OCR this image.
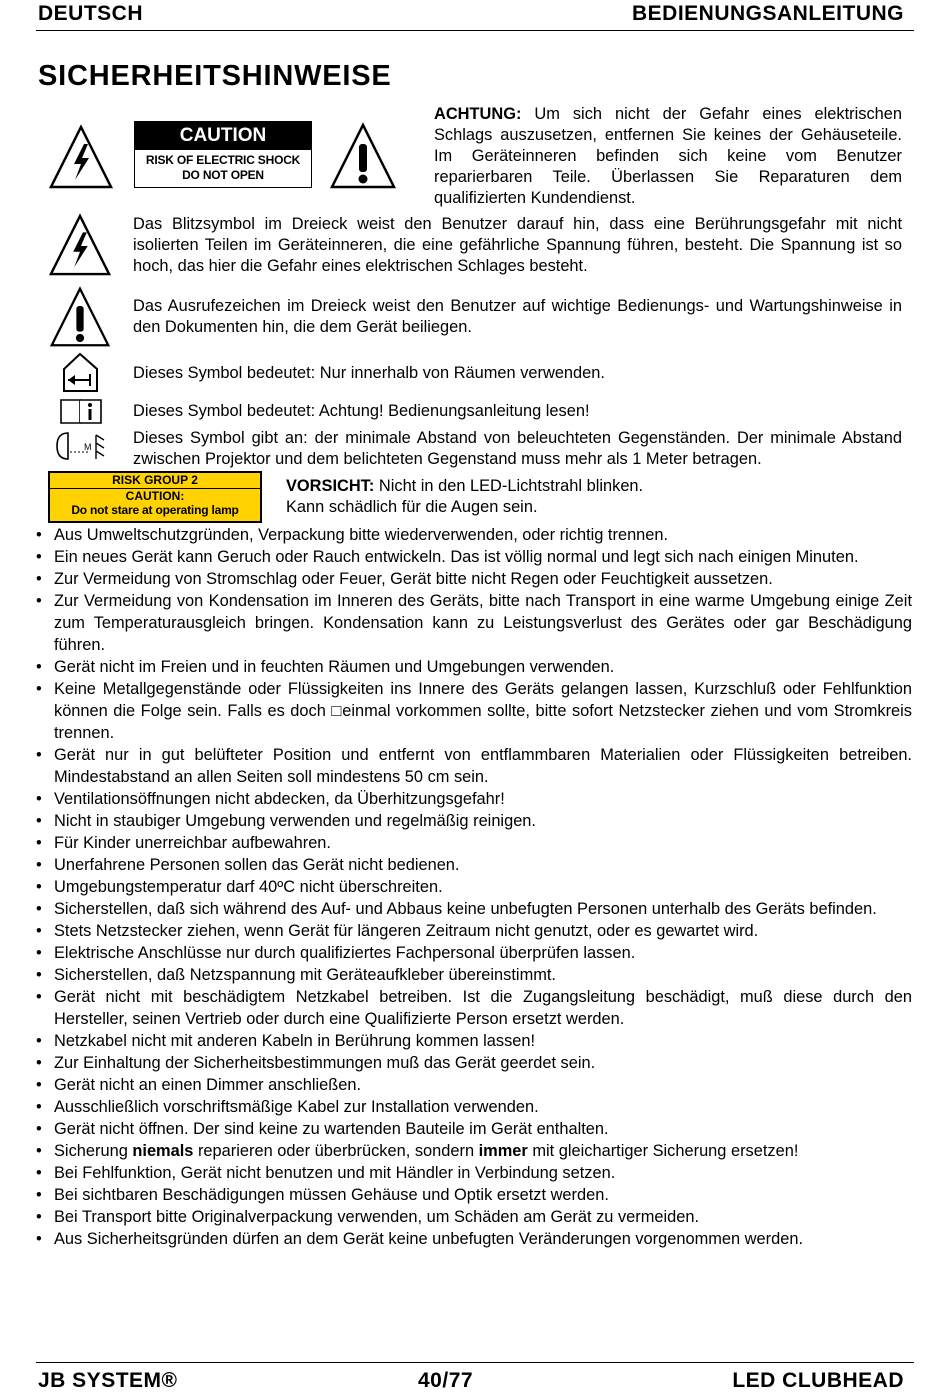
DEUTSCH	BEDIENUNGSANLEITUNG
SICHERHEITSHINWEISE
CAUTION
RISK OF ELECTRIC SHOCK
DO NOT OPEN

ACHTUNG: Um sich nicht der Gefahr eines elektrischen Schlags auszusetzen, entfernen Sie keines der Gehäuseteile. Im Geräteinneren befinden sich keine vom Benutzer reparierbaren Teile. Überlassen Sie Reparaturen dem qualifizierten Kundendienst.

Das Blitzsymbol im Dreieck weist den Benutzer darauf hin, dass eine Berührungsgefahr mit nicht isolierten Teilen im Geräteinneren, die eine gefährliche Spannung führen, besteht. Die Spannung ist so hoch, das hier die Gefahr eines elektrischen Schlages besteht.

Das Ausrufezeichen im Dreieck weist den Benutzer auf wichtige Bedienungs- und Wartungshinweise in den Dokumenten hin, die dem Gerät beiliegen.

Dieses Symbol bedeutet: Nur innerhalb von Räumen verwenden.

Dieses Symbol bedeutet: Achtung! Bedienungsanleitung lesen!

M	Dieses Symbol gibt an: der minimale Abstand von beleuchteten Gegenständen. Der minimale Abstand zwischen Projektor und dem belichteten Gegenstand muss mehr als 1 Meter betragen.

RISK GROUP 2
CAUTION:
Do not stare at operating lamp

VORSICHT: Nicht in den LED-Lichtstrahl blinken.
Kann schädlich für die Augen sein.

• Aus Umweltschutzgründen, Verpackung bitte wiederverwenden, oder richtig trennen.
• Ein neues Gerät kann Geruch oder Rauch entwickeln. Das ist völlig normal und legt sich nach einigen Minuten.
• Zur Vermeidung von Stromschlag oder Feuer, Gerät bitte nicht Regen oder Feuchtigkeit aussetzen.
• Zur Vermeidung von Kondensation im Inneren des Geräts, bitte nach Transport in eine warme Umgebung einige Zeit zum Temperaturausgleich bringen. Kondensation kann zu Leistungsverlust des Gerätes oder gar Beschädigung führen.
• Gerät nicht im Freien und in feuchten Räumen und Umgebungen verwenden.
• Keine Metallgegenstände oder Flüssigkeiten ins Innere des Geräts gelangen lassen, Kurzschluß oder Fehlfunktion können die Folge sein. Falls es doch □einmal vorkommen sollte, bitte sofort Netzstecker ziehen und vom Stromkreis trennen.
• Gerät nur in gut belüfteter Position und entfernt von entflammbaren Materialien oder Flüssigkeiten betreiben. Mindestabstand an allen Seiten soll mindestens 50 cm sein.
• Ventilationsöffnungen nicht abdecken, da Überhitzungsgefahr!
• Nicht in staubiger Umgebung verwenden und regelmäßig reinigen.
• Für Kinder unerreichbar aufbewahren.
• Unerfahrene Personen sollen das Gerät nicht bedienen.
• Umgebungstemperatur darf 40ºC nicht überschreiten.
• Sicherstellen, daß sich während des Auf- und Abbaus keine unbefugten Personen unterhalb des Geräts befinden.
• Stets Netzstecker ziehen, wenn Gerät für längeren Zeitraum nicht genutzt, oder es gewartet wird.
• Elektrische Anschlüsse nur durch qualifiziertes Fachpersonal überprüfen lassen.
• Sicherstellen, daß Netzspannung mit Geräteaufkleber übereinstimmt.
• Gerät nicht mit beschädigtem Netzkabel betreiben. Ist die Zugangsleitung beschädigt, muß diese durch den Hersteller, seinen Vertrieb oder durch eine Qualifizierte Person ersetzt werden.
• Netzkabel nicht mit anderen Kabeln in Berührung kommen lassen!
• Zur Einhaltung der Sicherheitsbestimmungen muß das Gerät geerdet sein.
• Gerät nicht an einen Dimmer anschließen.
• Ausschließlich vorschriftsmäßige Kabel zur Installation verwenden.
• Gerät nicht öffnen. Der sind keine zu wartenden Bauteile im Gerät enthalten.
• Sicherung niemals reparieren oder überbrücken, sondern immer mit gleichartiger Sicherung ersetzen!
• Bei Fehlfunktion, Gerät nicht benutzen und mit Händler in Verbindung setzen.
• Bei sichtbaren Beschädigungen müssen Gehäuse und Optik ersetzt werden.
• Bei Transport bitte Originalverpackung verwenden, um Schäden am Gerät zu vermeiden.
• Aus Sicherheitsgründen dürfen an dem Gerät keine unbefugten Veränderungen vorgenommen werden.
JB SYSTEM®	40/77	LED CLUBHEAD
